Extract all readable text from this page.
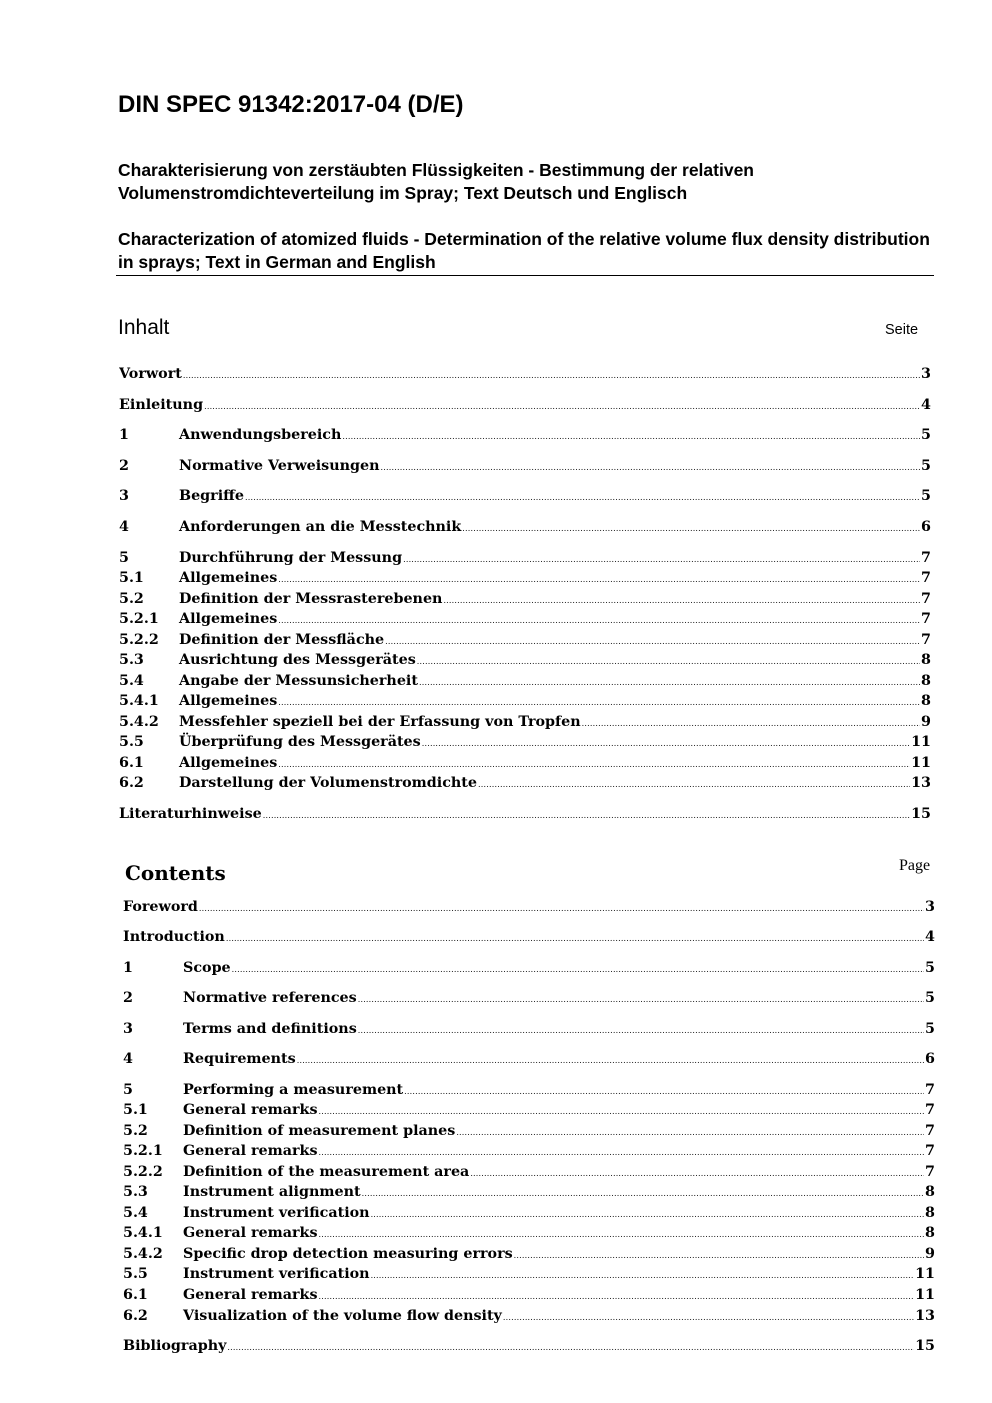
DIN SPEC 91342:2017-04 (D/E)
Charakterisierung von zerstäubten Flüssigkeiten - Bestimmung der relativen Volumenstromdichteverteilung im Spray; Text Deutsch und Englisch
Characterization of atomized fluids - Determination of the relative volume flux density distribution in sprays; Text in German and English
Inhalt	Seite
Vorwort .....	3
Einleitung .....	4
1	Anwendungsbereich .....	5
2	Normative Verweisungen .....	5
3	Begriffe .....	5
4	Anforderungen an die Messtechnik .....	6
5	Durchführung der Messung .....	7
5.1	Allgemeines .....	7
5.2	Definition der Messrasterebenen .....	7
5.2.1	Allgemeines .....	7
5.2.2	Definition der Messfläche .....	7
5.3	Ausrichtung des Messgerätes .....	8
5.4	Angabe der Messunsicherheit .....	8
5.4.1	Allgemeines .....	8
5.4.2	Messfehler speziell bei der Erfassung von Tropfen .....	9
5.5	Überprüfung des Messgerätes .....	11
6.1	Allgemeines .....	11
6.2	Darstellung der Volumenstromdichte .....	13
Literaturhinweise .....	15
Contents	Page
Foreword .....	3
Introduction .....	4
1	Scope .....	5
2	Normative references .....	5
3	Terms and definitions .....	5
4	Requirements .....	6
5	Performing a measurement .....	7
5.1	General remarks .....	7
5.2	Definition of measurement planes .....	7
5.2.1	General remarks .....	7
5.2.2	Definition of the measurement area .....	7
5.3	Instrument alignment .....	8
5.4	Instrument verification .....	8
5.4.1	General remarks .....	8
5.4.2	Specific drop detection measuring errors .....	9
5.5	Instrument verification .....	11
6.1	General remarks .....	11
6.2	Visualization of the volume flow density .....	13
Bibliography .....	15
